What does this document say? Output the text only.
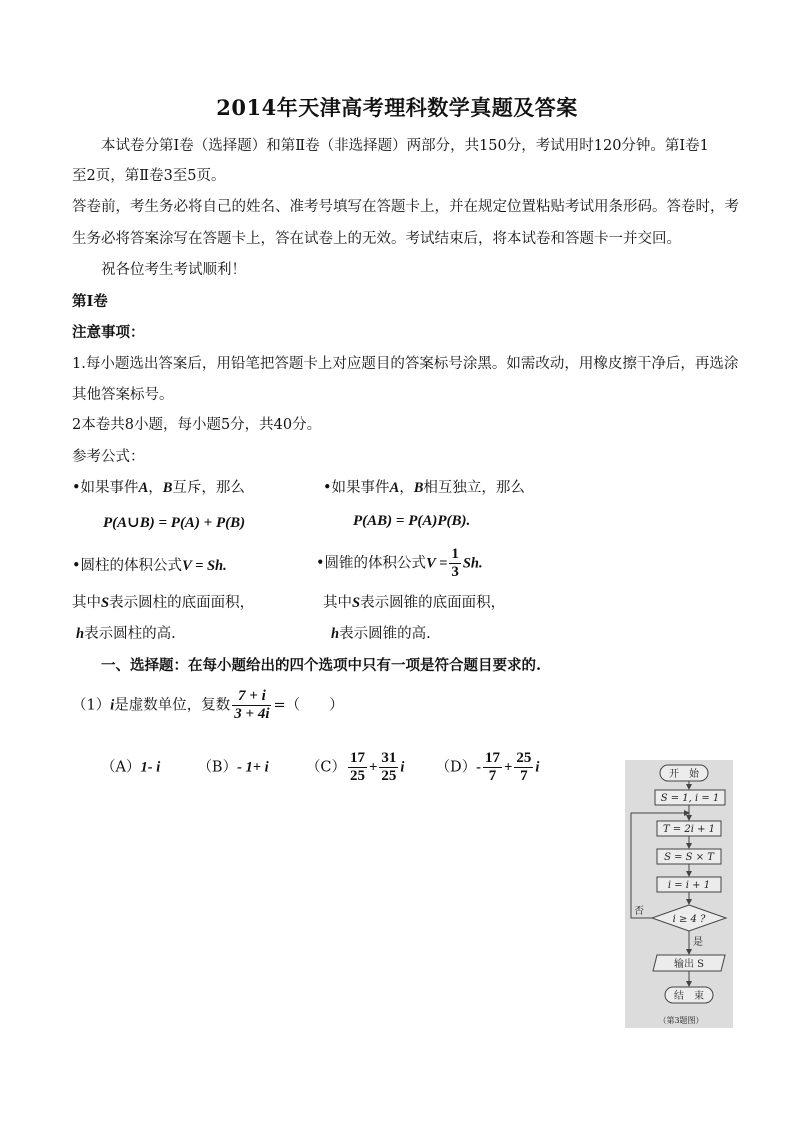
2014年天津高考理科数学真题及答案
本试卷分第Ⅰ卷（选择题）和第Ⅱ卷（非选择题）两部分，共150分，考试用时120分钟。第Ⅰ卷1
至2页，第Ⅱ卷3至5页。
答卷前，考生务必将自己的姓名、准考号填写在答题卡上，并在规定位置粘贴考试用条形码。答卷时，考
生务必将答案涂写在答题卡上，答在试卷上的无效。考试结束后，将本试卷和答题卡一并交回。
祝各位考生考试顺利！
第Ⅰ卷
注意事项：
1.每小题选出答案后，用铅笔把答题卡上对应题目的答案标号涂黑。如需改动，用橡皮擦干净后，再选涂
其他答案标号。
2本卷共8小题，每小题5分，共40分。
参考公式：
•如果事件A，B互斥，那么	•如果事件A，B相互独立，那么
P(A∪B) = P(A) + P(B)	P(AB) = P(A)P(B).
•圆柱的体积公式V = Sh.	•圆锥的体积公式$V = \frac{1}{3} Sh$.
其中S表示圆柱的底面面积，	其中S表示圆锥的底面面积，
h表示圆柱的高.	h表示圆锥的高.
一、选择题：在每小题给出的四个选项中只有一项是符合题目要求的.
（1）i是虚数单位，复数 $\frac{7 + i}{3 + 4i}$ =（　　）
（A）1- i	（B）- 1+ i	$(C) \frac{17}{25} + \frac{31}{25}$ i $(D)- \frac{17}{7} + \frac{25}{7}$ i	开　始
S = 1, i = 1
T = 2i + 1
S = S × T
i = i + 1
i ≥ 4 ?
否
是
输出 S
结　束
（第3题图）
